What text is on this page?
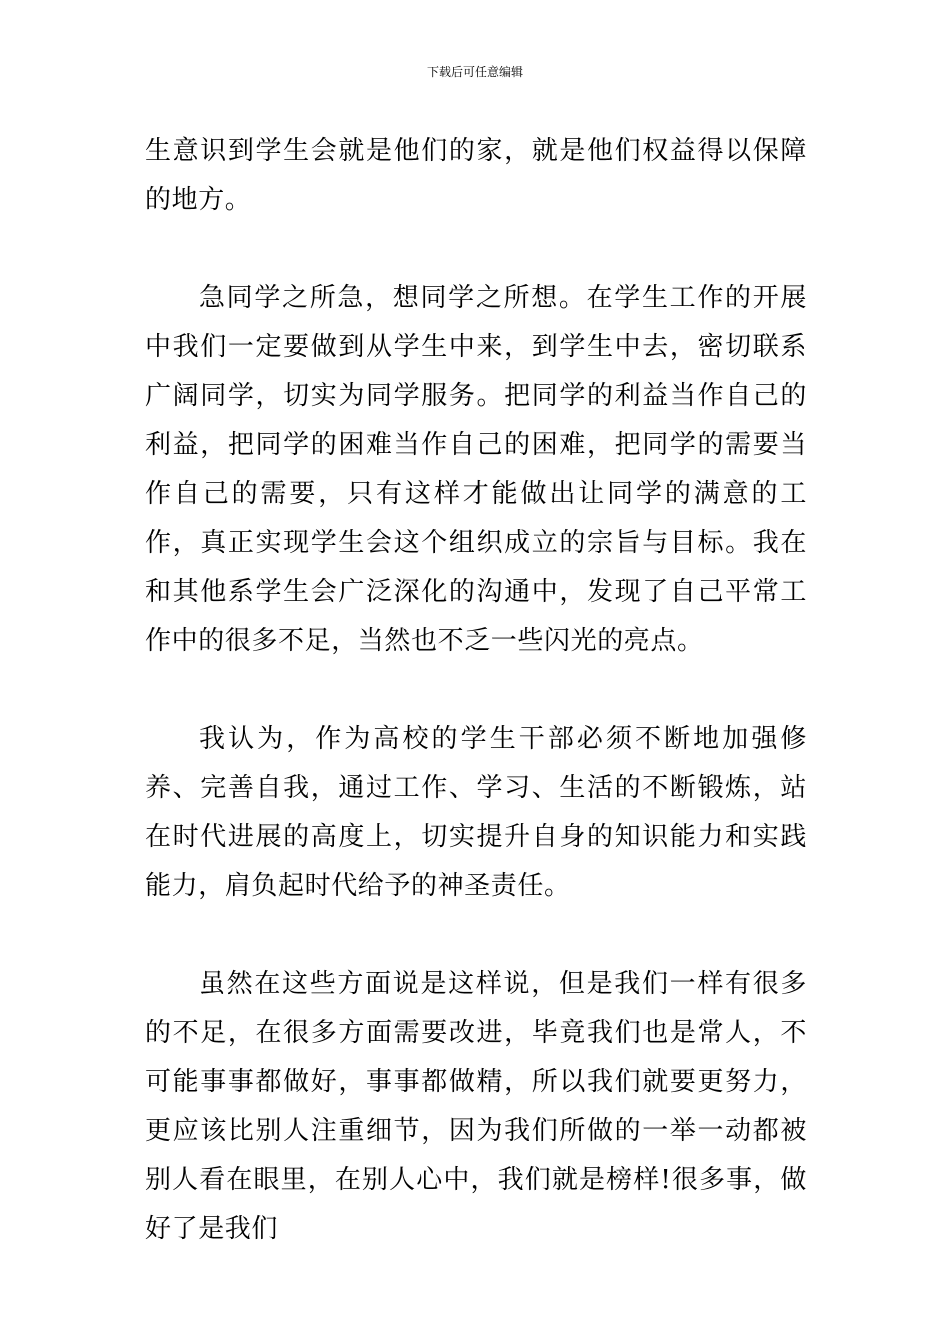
下载后可任意编辑

生意识到学生会就是他们的家，就是他们权益得以保障的地方。

急同学之所急，想同学之所想。在学生工作的开展中我们一定要做到从学生中来，到学生中去，密切联系广阔同学，切实为同学服务。把同学的利益当作自己的利益，把同学的困难当作自己的困难，把同学的需要当作自己的需要，只有这样才能做出让同学的满意的工作，真正实现学生会这个组织成立的宗旨与目标。我在和其他系学生会广泛深化的沟通中，发现了自己平常工作中的很多不足，当然也不乏一些闪光的亮点。

我认为，作为高校的学生干部必须不断地加强修养、完善自我，通过工作、学习、生活的不断锻炼，站在时代进展的高度上，切实提升自身的知识能力和实践能力，肩负起时代给予的神圣责任。

虽然在这些方面说是这样说，但是我们一样有很多的不足，在很多方面需要改进，毕竟我们也是常人，不可能事事都做好，事事都做精，所以我们就要更努力，更应该比别人注重细节，因为我们所做的一举一动都被别人看在眼里，在别人心中，我们就是榜样!很多事，做好了是我们
